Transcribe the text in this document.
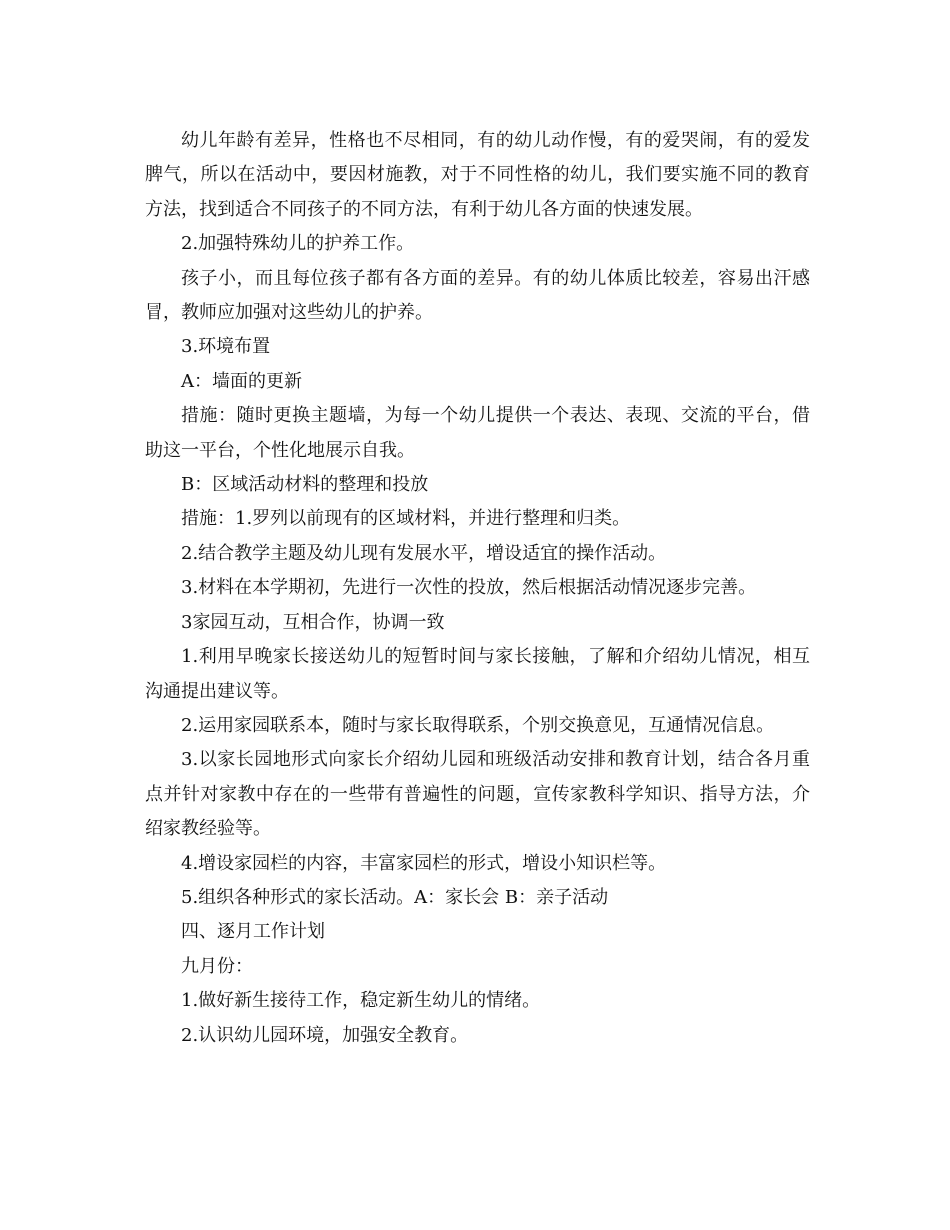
幼儿年龄有差异，性格也不尽相同，有的幼儿动作慢，有的爱哭闹，有的爱发脾气，所以在活动中，要因材施教，对于不同性格的幼儿，我们要实施不同的教育方法，找到适合不同孩子的不同方法，有利于幼儿各方面的快速发展。

2.加强特殊幼儿的护养工作。

孩子小，而且每位孩子都有各方面的差异。有的幼儿体质比较差，容易出汗感冒，教师应加强对这些幼儿的护养。

3.环境布置

A：墙面的更新

措施：随时更换主题墙，为每一个幼儿提供一个表达、表现、交流的平台，借助这一平台，个性化地展示自我。

B：区域活动材料的整理和投放

措施：1.罗列以前现有的区域材料，并进行整理和归类。

2.结合教学主题及幼儿现有发展水平，增设适宜的操作活动。

3.材料在本学期初，先进行一次性的投放，然后根据活动情况逐步完善。

3家园互动，互相合作，协调一致

1.利用早晚家长接送幼儿的短暂时间与家长接触，了解和介绍幼儿情况，相互沟通提出建议等。

2.运用家园联系本，随时与家长取得联系，个别交换意见，互通情况信息。

3.以家长园地形式向家长介绍幼儿园和班级活动安排和教育计划，结合各月重点并针对家教中存在的一些带有普遍性的问题，宣传家教科学知识、指导方法，介绍家教经验等。

4.增设家园栏的内容，丰富家园栏的形式，增设小知识栏等。

5.组织各种形式的家长活动。A：家长会 B：亲子活动

四、逐月工作计划

九月份：

1.做好新生接待工作，稳定新生幼儿的情绪。

2.认识幼儿园环境，加强安全教育。
